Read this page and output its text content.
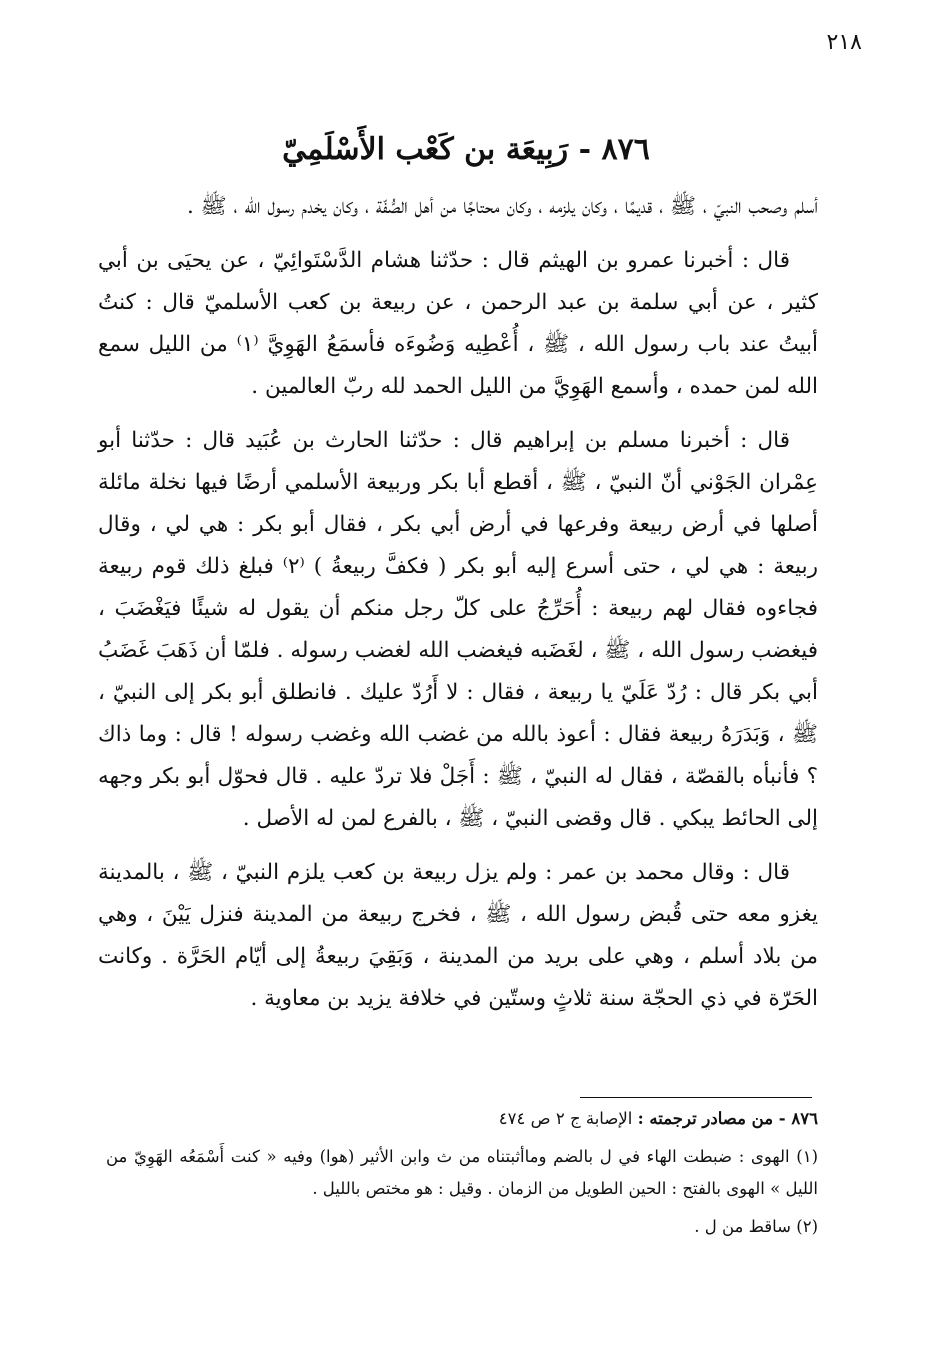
٢١٨
٨٧٦ - رَبِيعَة بن كَعْب الأَسْلَمِيّ

أسلم وصحب النبيّ ، ﷺ ، قديمًا ، وكان يلزمه ، وكان محتاجًا من أهل الصُّفّة ، وكان يخدم رسول الله ، ﷺ .

قال : أخبرنا عمرو بن الهيثم قال : حدّثنا هشام الدَّسْتَوائِيّ ، عن يحيَى بن أبي كثير ، عن أبي سلمة بن عبد الرحمن ، عن ربيعة بن كعب الأسلميّ قال : كنتُ أبيتُ عند باب رسول الله ، ﷺ ، أُعْطِيه وَضُوءَه فأسمَعُ الهَوِيَّ ⁽١⁾ من الليل سمع الله لمن حمده ، وأسمع الهَوِيَّ من الليل الحمد لله ربّ العالمين .

قال : أخبرنا مسلم بن إبراهيم قال : حدّثنا الحارث بن عُبَيد قال : حدّثنا أبو عِمْران الجَوْني أنّ النبيّ ، ﷺ ، أقطع أبا بكر وربيعة الأسلمي أرضًا فيها نخلة مائلة أصلها في أرض ربيعة وفرعها في أرض أبي بكر ، فقال أبو بكر : هي لي ، وقال ربيعة : هي لي ، حتى أسرع إليه أبو بكر ( فكفَّ ربيعةُ ) ⁽٢⁾ فبلغ ذلك قوم ربيعة فجاءوه فقال لهم ربيعة : أُحَرِّجُ على كلّ رجل منكم أن يقول له شيئًا فيَغْضَبَ ، فيغضب رسول الله ، ﷺ ، لغَضَبه فيغضب الله لغضب رسوله . فلمّا أن ذَهَبَ غَضَبُ أبي بكر قال : رُدّ عَلَيّ يا ربيعة ، فقال : لا أَرُدّ عليك . فانطلق أبو بكر إلى النبيّ ، ﷺ ، وَبَدَرَهُ ربيعة فقال : أعوذ بالله من غضب الله وغضب رسوله ! قال : وما ذاك ؟ فأنبأه بالقصّة ، فقال له النبيّ ، ﷺ : أَجَلْ فلا تردّ عليه . قال فحوّل أبو بكر وجهه إلى الحائط يبكي . قال وقضى النبيّ ، ﷺ ، بالفرع لمن له الأصل .

قال : وقال محمد بن عمر : ولم يزل ربيعة بن كعب يلزم النبيّ ، ﷺ ، بالمدينة يغزو معه حتى قُبض رسول الله ، ﷺ ، فخرج ربيعة من المدينة فنزل يَيْنَ ، وهي من بلاد أسلم ، وهي على بريد من المدينة ، وَبَقِيَ ربيعةُ إلى أيّام الحَرَّة . وكانت الحَرّة في ذي الحجّة سنة ثلاثٍ وستّين في خلافة يزيد بن معاوية .

٨٧٦ - من مصادر ترجمته : الإصابة ج ٢ ص ٤٧٤

(١) الهوى : ضبطت الهاء في ل بالضم وماأثبتناه من ث وابن الأثير (هوا) وفيه « كنت أَسْمَعُه الهَوِيّ من الليل » الهوى بالفتح : الحين الطويل من الزمان . وقيل : هو مختص بالليل .

(٢) ساقط من ل .
